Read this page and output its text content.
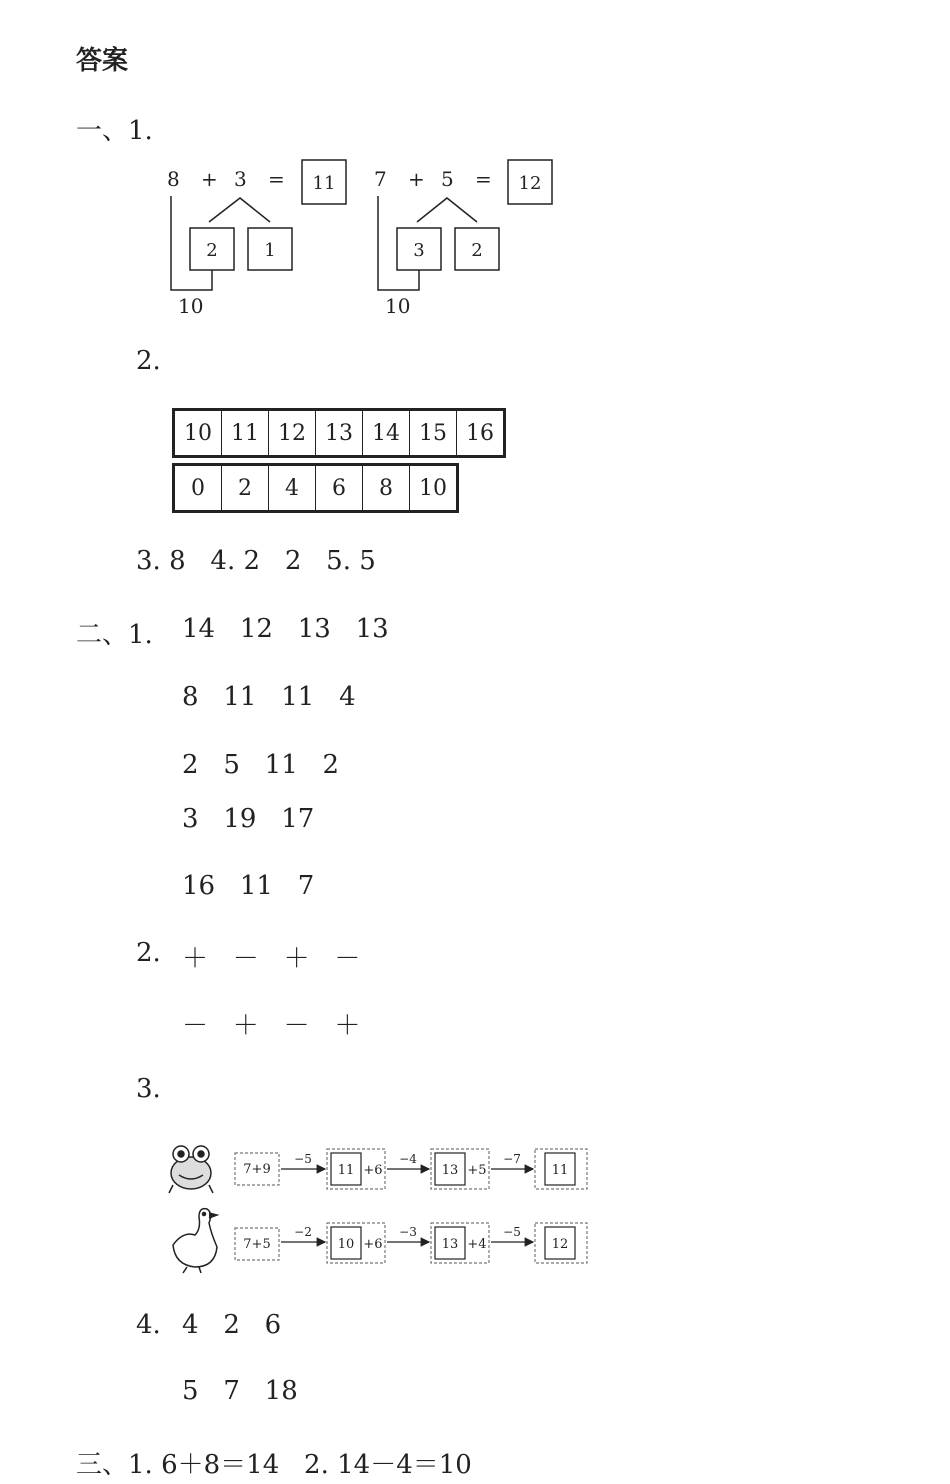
答案
一、1.
8 + 3 = 11
2	1
10
7 + 5 = 12
3	2
10
2.
10 11 12 13 14 15 16
0	2	4	6	8	10
3. 8   4. 2   2   5. 5
二、1. 14   12   13   13
8   11   11   4
2   5   11   2
3   19   17
16   11   7
2. ＋   －   ＋   －
－   ＋   －   ＋
3.
7+9
−5
11 +6
−4
13 +5
−7
11
7+5
−2
10 +6
−3
13 +4
−5
12
4. 4   2   6
5   7   18
三、1. 6＋8＝14   2. 14－4＝10
